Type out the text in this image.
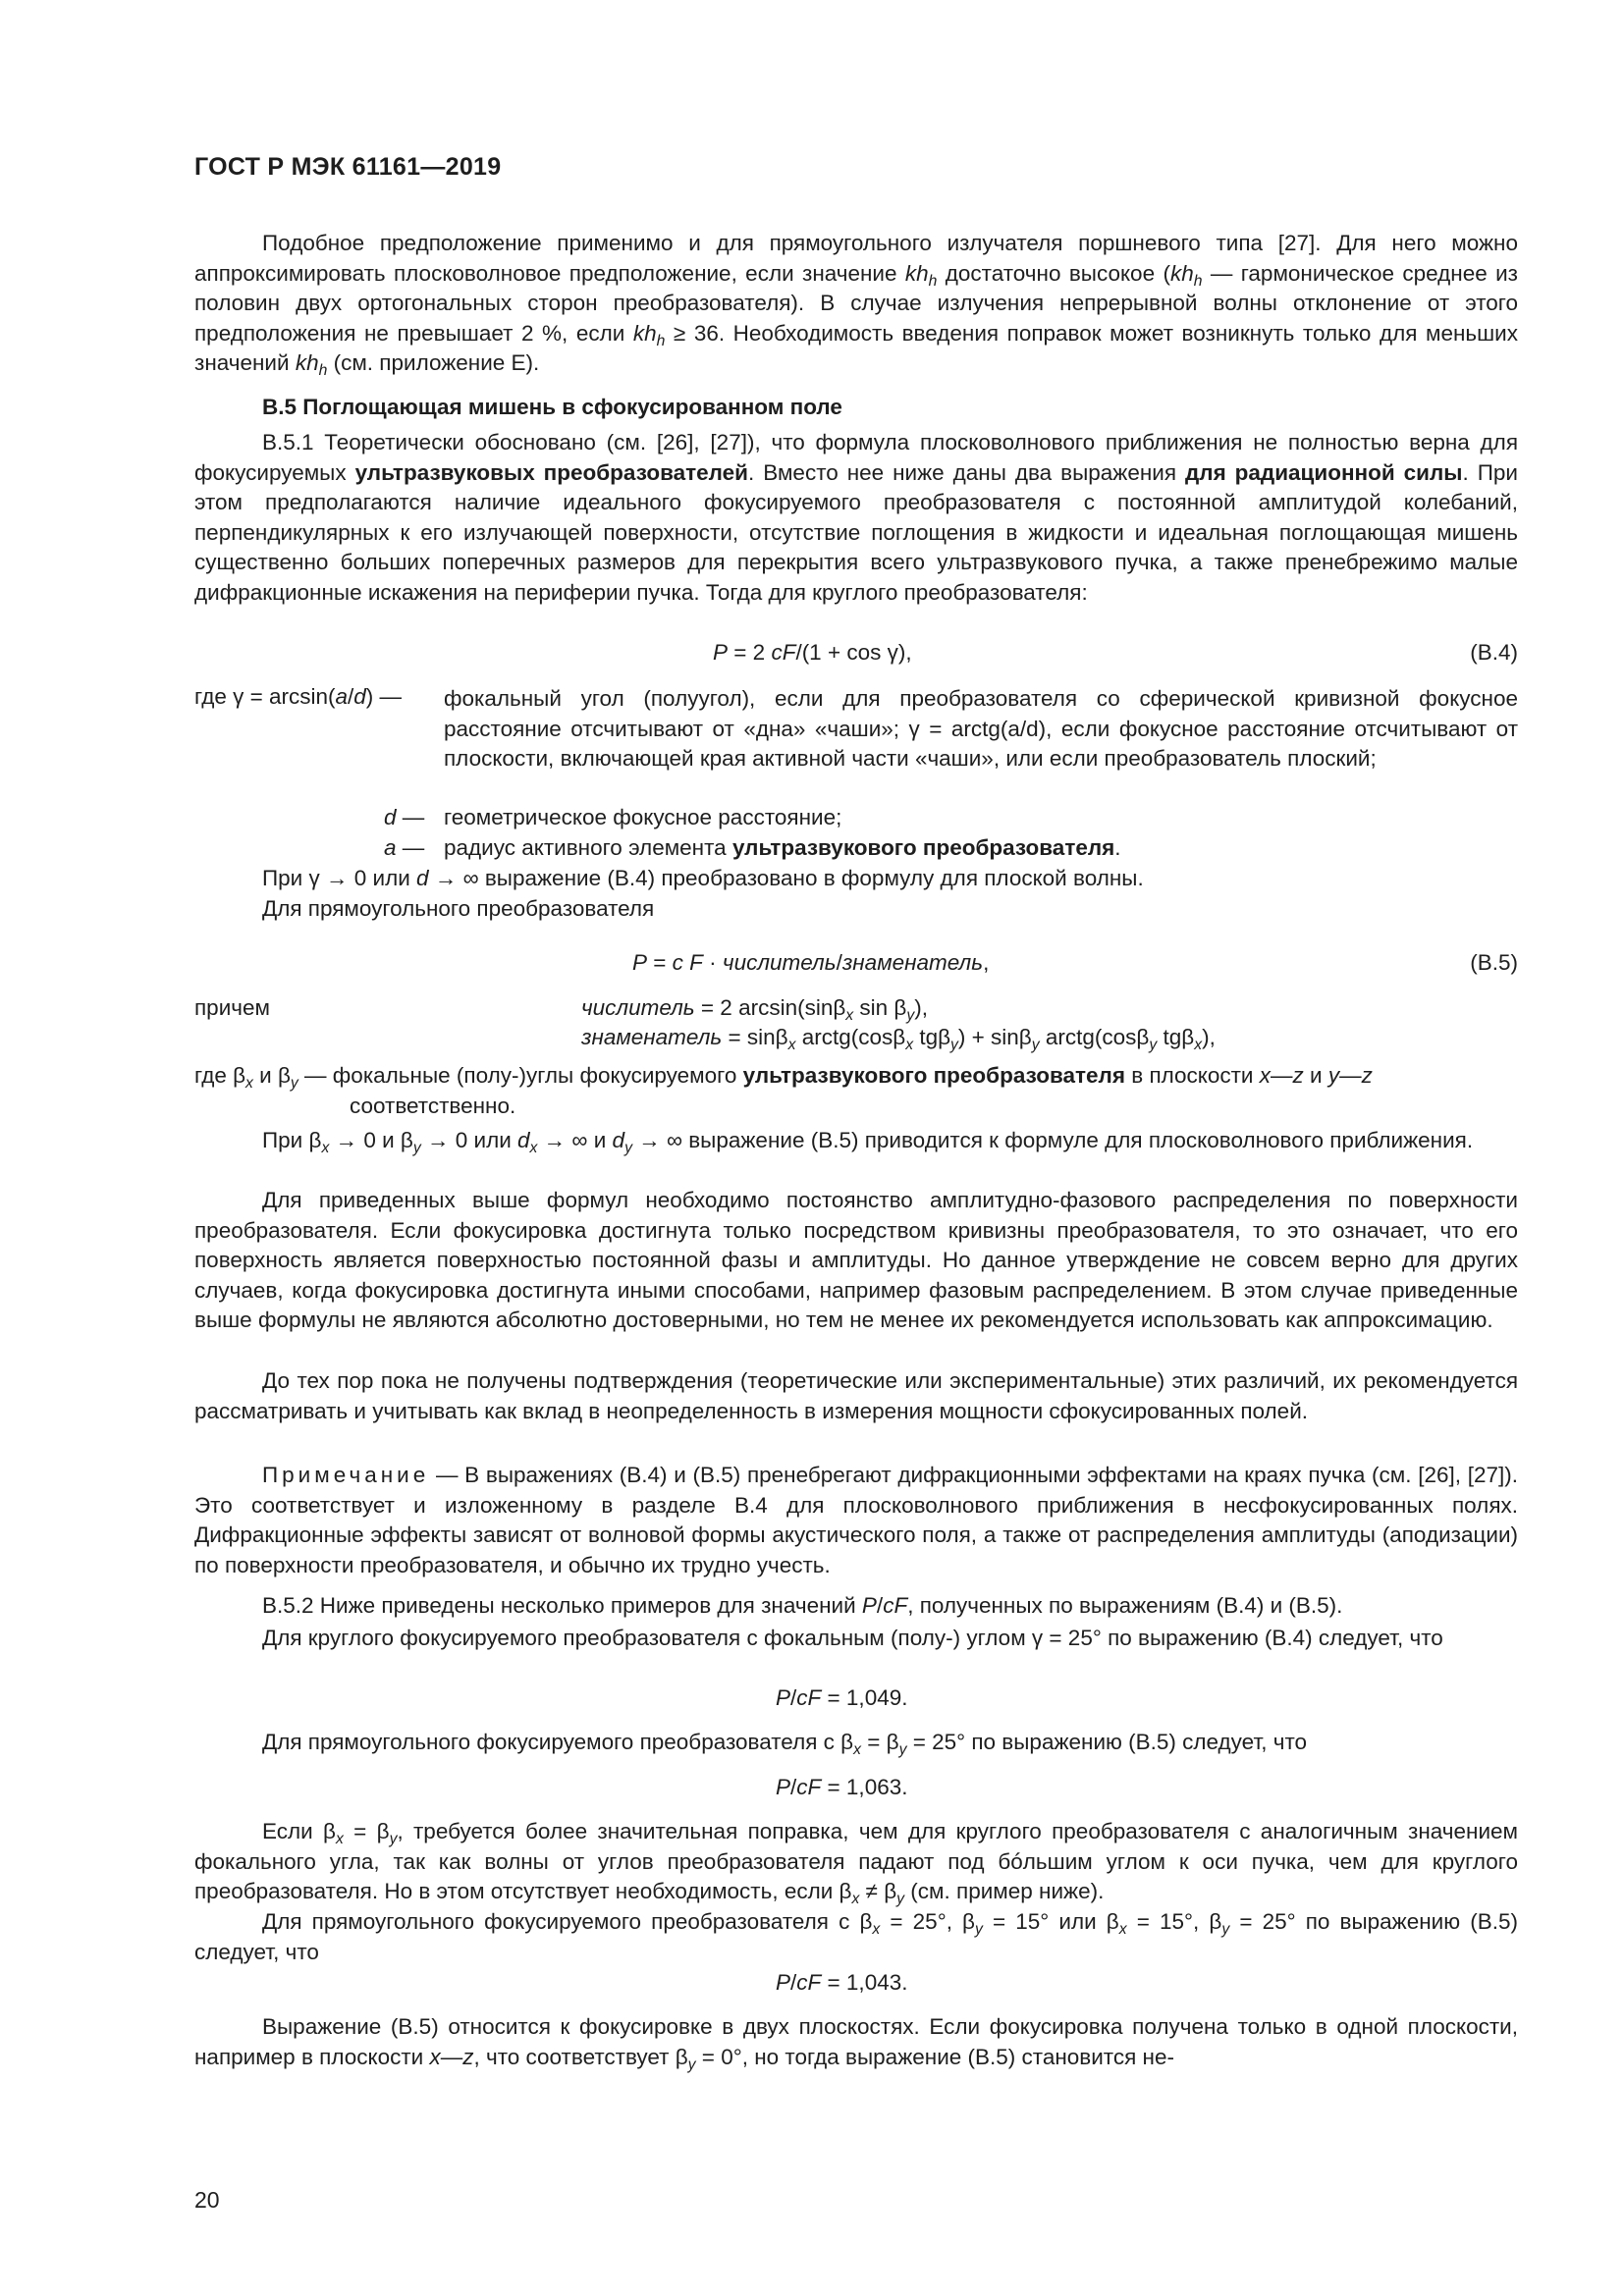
ГОСТ Р МЭК 61161—2019

Подобное предположение применимо и для прямоугольного излучателя поршневого типа [27]. Для него можно аппроксимировать плосковолновое предположение, если значение $kh_h$ достаточно высокое ($kh_h$ — гармоническое среднее из половин двух ортогональных сторон преобразователя). В случае излучения непрерывной волны отклонение от этого предположения не превышает 2 %, если $kh_h \ge 36$. Необходимость введения поправок может возникнуть только для меньших значений $kh_h$ (см. приложение Е).

В.5 Поглощающая мишень в сфокусированном поле

В.5.1 Теоретически обосновано (см. [26], [27]), что формула плосковолнового приближения не полностью верна для фокусируемых ультразвуковых преобразователей. Вместо нее ниже даны два выражения для радиационной силы. При этом предполагаются наличие идеального фокусируемого преобразователя с постоянной амплитудой колебаний, перпендикулярных к его излучающей поверхности, отсутствие поглощения в жидкости и идеальная поглощающая мишень существенно больших поперечных размеров для перекрытия всего ультразвукового пучка, а также пренебрежимо малые дифракционные искажения на периферии пучка. Тогда для круглого преобразователя:

P = 2 cF/(1 + cos γ),	(B.4)
где γ = arcsin(a/d) — фокальный угол (полуугол), если для преобразователя со сферической кривизной фокусное расстояние отсчитывают от «дна» «чаши»; γ = arctg(a/d), если фокусное расстояние отсчитывают от плоскости, включающей края активной части «чаши», или если преобразователь плоский;

d — геометрическое фокусное расстояние;
a — радиус активного элемента ультразвукового преобразователя.
При γ → 0 или d → ∞ выражение (В.4) преобразовано в формулу для плоской волны.
Для прямоугольного преобразователя
P = c F · числитель/знаменатель,	(B.5)
причем	числитель = 2 arcsin(sinβ$_x$ $\sin \beta_y$),
знаменатель = sinβ$_x$ arctg(cosβ$_x$ tgβ$_y$) + sinβ$_y$ arctg(cosβ$_y$ tgβ$_x$),
где $\beta_x$ и $\beta_y$ — фокальные (полу-)углы фокусируемого ультразвукового преобразователя в плоскости x—z и y—z
соответственно.

При $\beta_x \to 0$ и $\beta_y \to 0$ или $d_x$ → ∞ и $d_y$ → ∞ выражение (В.5) приводится к формуле для плосковолнового приближения.

Для приведенных выше формул необходимо постоянство амплитудно-фазового распределения по поверхности преобразователя. Если фокусировка достигнута только посредством кривизны преобразователя, то это означает, что его поверхность является поверхностью постоянной фазы и амплитуды. Но данное утверждение не совсем верно для других случаев, когда фокусировка достигнута иными способами, например фазовым распределением. В этом случае приведенные выше формулы не являются абсолютно достоверными, но тем не менее их рекомендуется использовать как аппроксимацию.

До тех пор пока не получены подтверждения (теоретические или экспериментальные) этих различий, их рекомендуется рассматривать и учитывать как вклад в неопределенность в измерения мощности сфокусированных полей.

Примечание — В выражениях (В.4) и (В.5) пренебрегают дифракционными эффектами на краях пучка (см. [26], [27]). Это соответствует и изложенному в разделе В.4 для плосковолнового приближения в несфокусированных полях. Дифракционные эффекты зависят от волновой формы акустического поля, а также от распределения амплитуды (аподизации) по поверхности преобразователя, и обычно их трудно учесть.

В.5.2 Ниже приведены несколько примеров для значений P/cF, полученных по выражениям (В.4) и (В.5).

Для круглого фокусируемого преобразователя с фокальным (полу-) углом γ = 25° по выражению (В.4) следует, что

P/cF = 1,049.
Для прямоугольного фокусируемого преобразователя с $\beta_x = \beta_y = 25^\circ$ по выражению (В.5) следует, что
P/cF = 1,063.

Если $\beta_x = \beta_y$, требуется более значительная поправка, чем для круглого преобразователя с аналогичным значением фокального угла, так как волны от углов преобразователя падают под бóльшим углом к оси пучка, чем для круглого преобразователя. Но в этом отсутствует необходимость, если $\beta_x \ne \beta_y$ (см. пример ниже).

Для прямоугольного фокусируемого преобразователя с $\beta_x = 25^\circ$, $\beta_y = 15^\circ$ или $\beta_x = 15^\circ$, $\beta_y = 25^\circ$ по выражению (В.5) следует, что

P/cF = 1,043.

Выражение (В.5) относится к фокусировке в двух плоскостях. Если фокусировка получена только в одной плоскости, например в плоскости x—z, что соответствует $\beta_y = 0^\circ$, но тогда выражение (В.5) становится не-

20
